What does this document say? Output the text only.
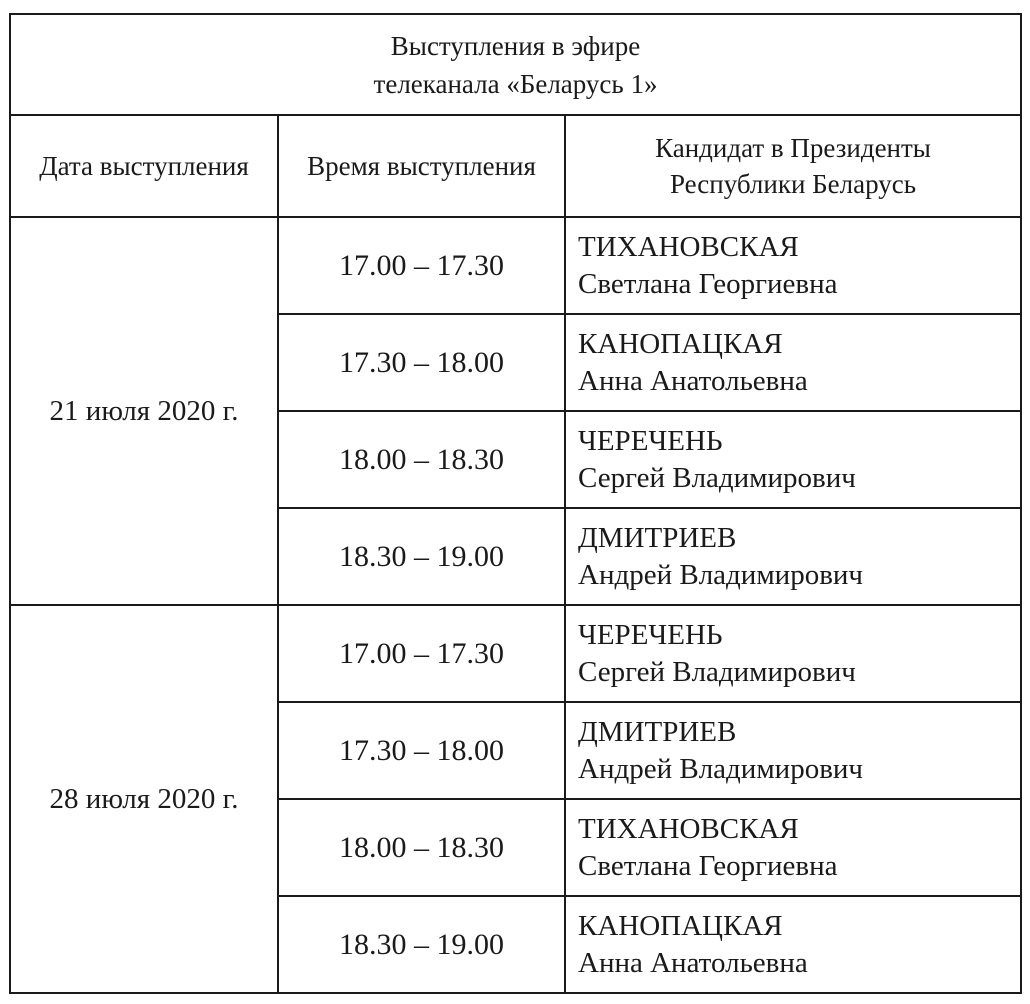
Выступления в эфире
телеканала «Беларусь 1»		

Дата выступления	Время выступления	Кандидат в Президенты
Республики Беларусь

21 июля 2020 г.	17.00 – 17.30	ТИХАНОВСКАЯ
Светлана Георгиевна

	17.30 – 18.00	КАНОПАЦКАЯ
Анна Анатольевна

	18.00 – 18.30	ЧЕРЕЧЕНЬ
Сергей Владимирович

	18.30 – 19.00	ДМИТРИЕВ
Андрей Владимирович

28 июля 2020 г.	17.00 – 17.30	ЧЕРЕЧЕНЬ
Сергей Владимирович

	17.30 – 18.00	ДМИТРИЕВ
Андрей Владимирович

	18.00 – 18.30	ТИХАНОВСКАЯ
Светлана Георгиевна

	18.30 – 19.00	КАНОПАЦКАЯ
Анна Анатольевна
